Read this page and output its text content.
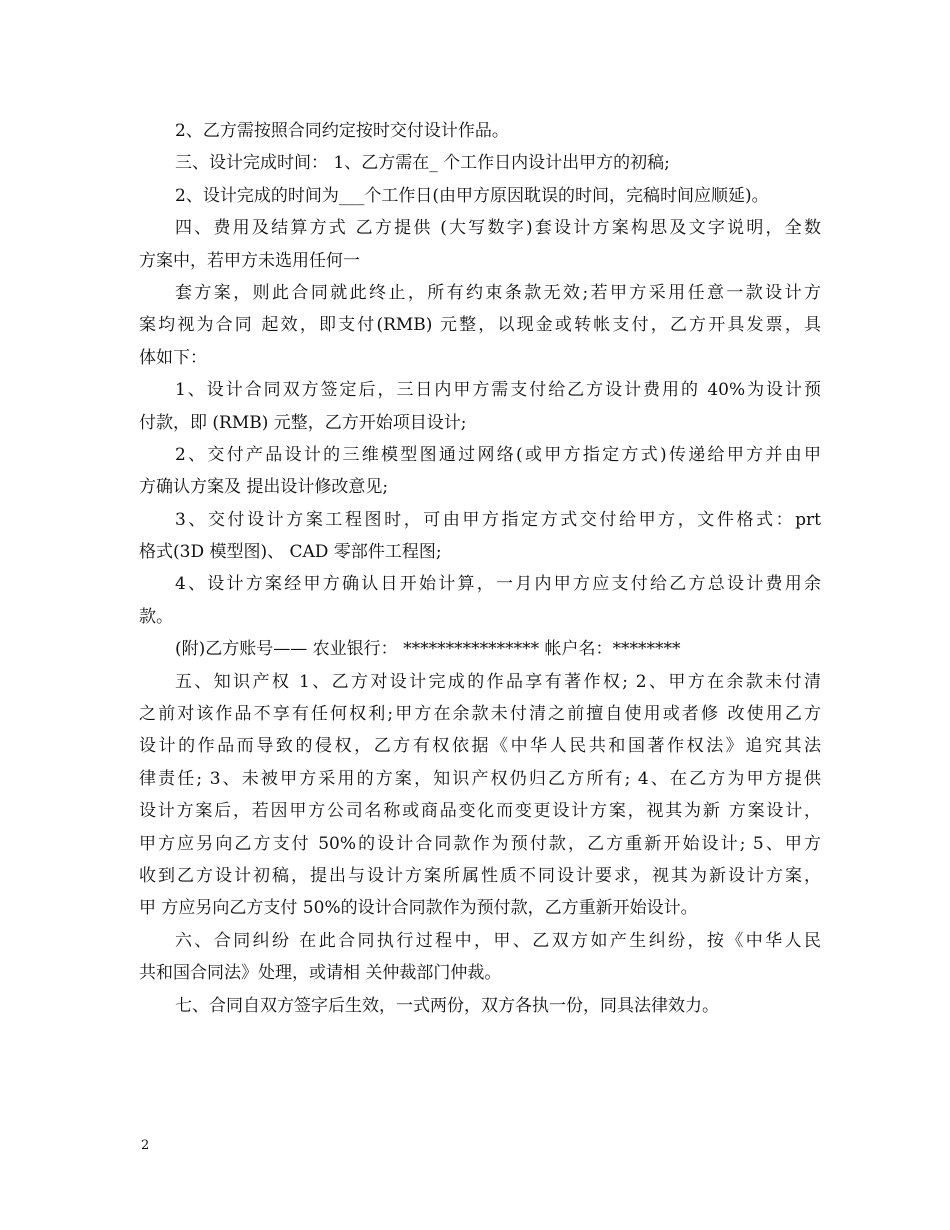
2、乙方需按照合同约定按时交付设计作品。
三、设计完成时间： 1、乙方需在_ 个工作日内设计出甲方的初稿;
2、设计完成的时间为___个工作日(由甲方原因耽误的时间，完稿时间应顺延)。
四、费用及结算方式 乙方提供 (大写数字)套设计方案构思及文字说明，全数
方案中，若甲方未选用任何一
套方案，则此合同就此终止，所有约束条款无效;若甲方采用任意一款设计方
案均视为合同 起效，即支付(RMB) 元整，以现金或转帐支付，乙方开具发票，具
体如下：
1、设计合同双方签定后，三日内甲方需支付给乙方设计费用的 40%为设计预
付款，即 (RMB) 元整，乙方开始项目设计;
2、交付产品设计的三维模型图通过网络(或甲方指定方式)传递给甲方并由甲
方确认方案及 提出设计修改意见;
3、交付设计方案工程图时，可由甲方指定方式交付给甲方，文件格式：prt
格式(3D 模型图)、 CAD 零部件工程图;
4、设计方案经甲方确认日开始计算，一月内甲方应支付给乙方总设计费用余
款。
(附)乙方账号—— 农业银行： **************** 帐户名：********
五、知识产权 1、乙方对设计完成的作品享有著作权; 2、甲方在余款未付清
之前对该作品不享有任何权利;甲方在余款未付清之前擅自使用或者修 改使用乙方
设计的作品而导致的侵权，乙方有权依据《中华人民共和国著作权法》追究其法
律责任; 3、未被甲方采用的方案，知识产权仍归乙方所有; 4、在乙方为甲方提供
设计方案后，若因甲方公司名称或商品变化而变更设计方案，视其为新 方案设计，
甲方应另向乙方支付 50%的设计合同款作为预付款，乙方重新开始设计; 5、甲方
收到乙方设计初稿，提出与设计方案所属性质不同设计要求，视其为新设计方案，
甲 方应另向乙方支付 50%的设计合同款作为预付款，乙方重新开始设计。
六、合同纠纷 在此合同执行过程中，甲、乙双方如产生纠纷，按《中华人民
共和国合同法》处理，或请相 关仲裁部门仲裁。
七、合同自双方签字后生效，一式两份，双方各执一份，同具法律效力。
2
